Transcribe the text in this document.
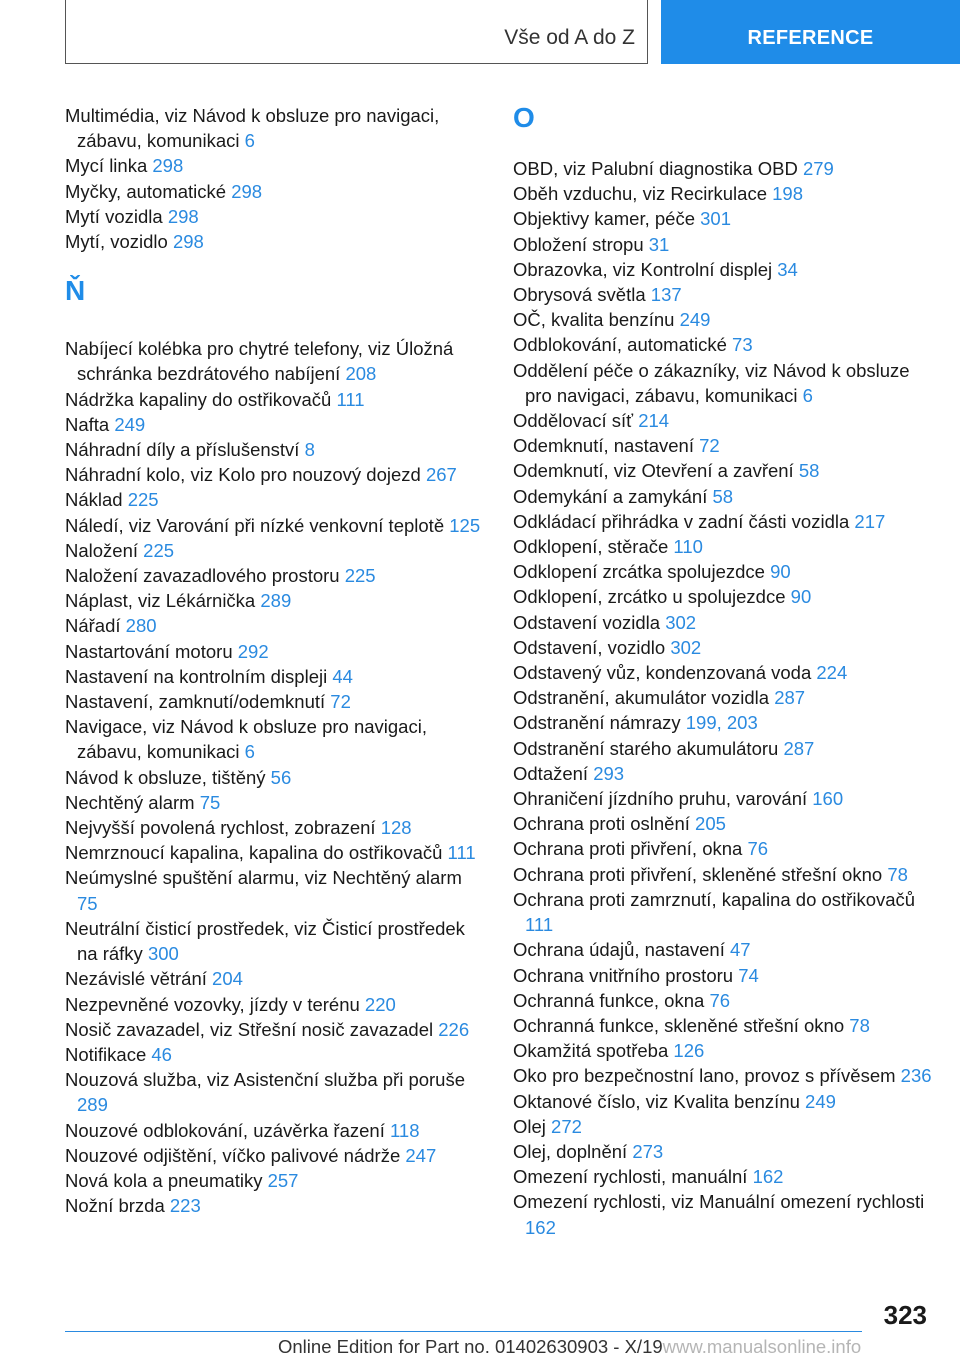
Vše od A do Z	REFERENCE
Multimédia, viz Návod k obsluze pro navigaci, zábavu, komunikaci 6
Mycí linka 298
Myčky, automatické 298
Mytí vozidla 298
Mytí, vozidlo 298
Ň
Nabíjecí kolébka pro chytré telefony, viz Úložná schránka bezdrátového nabíjení 208
Nádržka kapaliny do ostřikovačů 111
Nafta 249
Náhradní díly a příslušenství 8
Náhradní kolo, viz Kolo pro nouzový dojezd 267
Náklad 225
Náledí, viz Varování při nízké venkovní teplotě 125
Naložení 225
Naložení zavazadlového prostoru 225
Náplast, viz Lékárnička 289
Nářadí 280
Nastartování motoru 292
Nastavení na kontrolním displeji 44
Nastavení, zamknutí/odemknutí 72
Navigace, viz Návod k obsluze pro navigaci, zábavu, komunikaci 6
Návod k obsluze, tištěný 56
Nechtěný alarm 75
Nejvyšší povolená rychlost, zobrazení 128
Nemrznoucí kapalina, kapalina do ostřikovačů 111
Neúmyslné spuštění alarmu, viz Nechtěný alarm 75
Neutrální čisticí prostředek, viz Čisticí prostředek na ráfky 300
Nezávislé větrání 204
Nezpevněné vozovky, jízdy v terénu 220
Nosič zavazadel, viz Střešní nosič zavazadel 226
Notifikace 46
Nouzová služba, viz Asistenční služba při poruše 289
Nouzové odblokování, uzávěrka řazení 118
Nouzové odjištění, víčko palivové nádrže 247
Nová kola a pneumatiky 257
Nožní brzda 223
O
OBD, viz Palubní diagnostika OBD 279
Oběh vzduchu, viz Recirkulace 198
Objektivy kamer, péče 301
Obložení stropu 31
Obrazovka, viz Kontrolní displej 34
Obrysová světla 137
OČ, kvalita benzínu 249
Odblokování, automatické 73
Oddělení péče o zákazníky, viz Návod k obsluze pro navigaci, zábavu, komunikaci 6
Oddělovací síť 214
Odemknutí, nastavení 72
Odemknutí, viz Otevření a zavření 58
Odemykání a zamykání 58
Odkládací přihrádka v zadní části vozidla 217
Odklopení, stěrače 110
Odklopení zrcátka spolujezdce 90
Odklopení, zrcátko u spolujezdce 90
Odstavení vozidla 302
Odstavení, vozidlo 302
Odstavený vůz, kondenzovaná voda 224
Odstranění, akumulátor vozidla 287
Odstranění námrazy 199, 203
Odstranění starého akumulátoru 287
Odtažení 293
Ohraničení jízdního pruhu, varování 160
Ochrana proti oslnění 205
Ochrana proti přivření, okna 76
Ochrana proti přivření, skleněné střešní okno 78
Ochrana proti zamrznutí, kapalina do ostřikovačů 111
Ochrana údajů, nastavení 47
Ochrana vnitřního prostoru 74
Ochranná funkce, okna 76
Ochranná funkce, skleněné střešní okno 78
Okamžitá spotřeba 126
Oko pro bezpečnostní lano, provoz s přívěsem 236
Oktanové číslo, viz Kvalita benzínu 249
Olej 272
Olej, doplnění 273
Omezení rychlosti, manuální 162
Omezení rychlosti, viz Manuální omezení rychlosti 162
323
Online Edition for Part no. 01402630903 - X/19www.manualsonline.info
